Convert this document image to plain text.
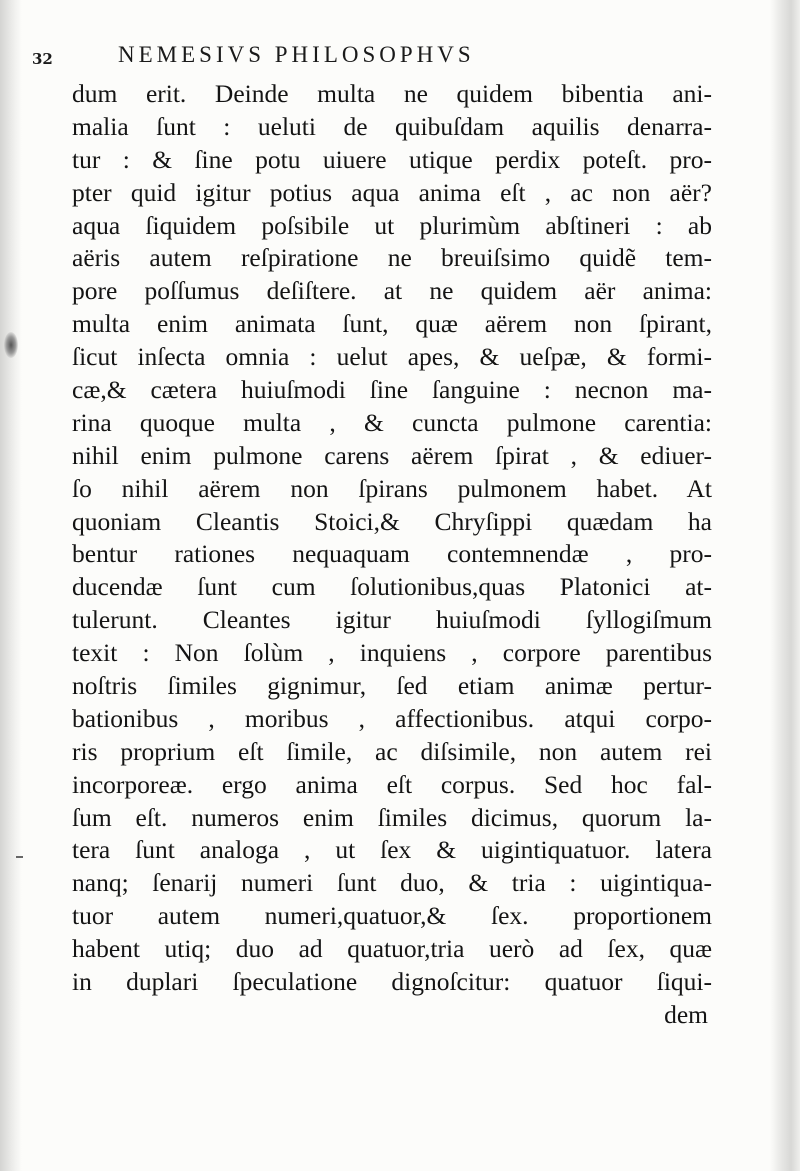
32	NEMESIVS PHILOSOPHVS
dum erit. Deinde multa ne quidem bibentia ani-
malia ſunt : ueluti de quibuſdam aquilis denarra-
tur : & ſine potu uiuere utique perdix poteſt. pro-
pter quid igitur potius aqua anima eſt , ac non aër?
aqua ſiquidem poſsibile ut plurimùm abſtineri : ab
aëris autem reſpiratione ne breuiſsimo quidẽ tem-
pore poſſumus deſiſtere. at ne quidem aër anima:
multa enim animata ſunt, quæ aërem non ſpirant,
ſicut inſecta omnia : uelut apes, & ueſpæ, & formi-
cæ,& cætera huiuſmodi ſine ſanguine : necnon ma-
rina quoque multa , & cuncta pulmone carentia:
nihil enim pulmone carens aërem ſpirat , & ediuer-
ſo nihil aërem non ſpirans pulmonem habet. At
quoniam Cleantis Stoici,& Chryſippi quædam ha
bentur rationes nequaquam contemnendæ , pro-
ducendæ ſunt cum ſolutionibus,quas Platonici at-
tulerunt. Cleantes igitur huiuſmodi ſyllogiſmum
texit : Non ſolùm , inquiens , corpore parentibus
noſtris ſimiles gignimur, ſed etiam animæ pertur-
bationibus , moribus , affectionibus. atqui corpo-
ris proprium eſt ſimile, ac diſsimile, non autem rei
incorporeæ. ergo anima eſt corpus. Sed hoc fal-
ſum eſt. numeros enim ſimiles dicimus, quorum la-
tera ſunt analoga , ut ſex & uigintiquatuor. latera
nanq; ſenarij numeri ſunt duo, & tria : uigintiqua-
tuor autem numeri,quatuor,& ſex. proportionem
habent utiq; duo ad quatuor,tria uerò ad ſex, quæ
in duplari ſpeculatione dignoſcitur: quatuor ſiqui-
dem
